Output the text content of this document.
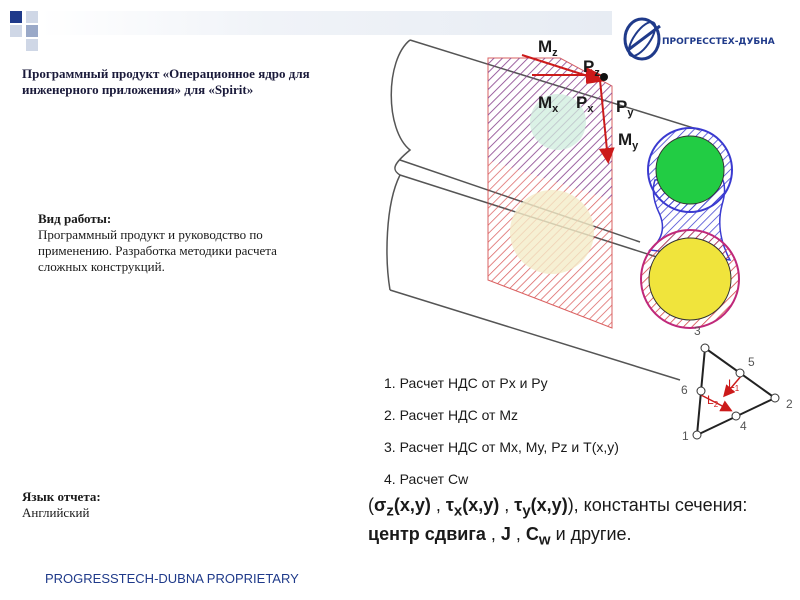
ПРОГРЕССТЕХ-ДУБНА
Программный продукт «Операционное ядро для инженерного приложения» для «Spirit»
Вид работы:
Программный продукт и руководство по применению. Разработка методики расчета сложных конструкций.
Язык отчета:
Английский
PROGRESSTECH-DUBNA PROPRIETARY
1. Расчет НДС от Px и Py
2. Расчет НДС от Mz
3. Расчет НДС от Mx, My, Pz и T(x,y)
4. Расчет Cw
($\sigma_z(x,y)$ , $\tau_x(x,y)$ , $\tau_y(x,y)$), константы сечения:
центр сдвига , J , $C_w$ и другие.
$M_z$
$P_z$
$M_x$ $P_x$ $P_y$
$M_y$
1
2
3
4
5
6	$L_1$
$L_2$
